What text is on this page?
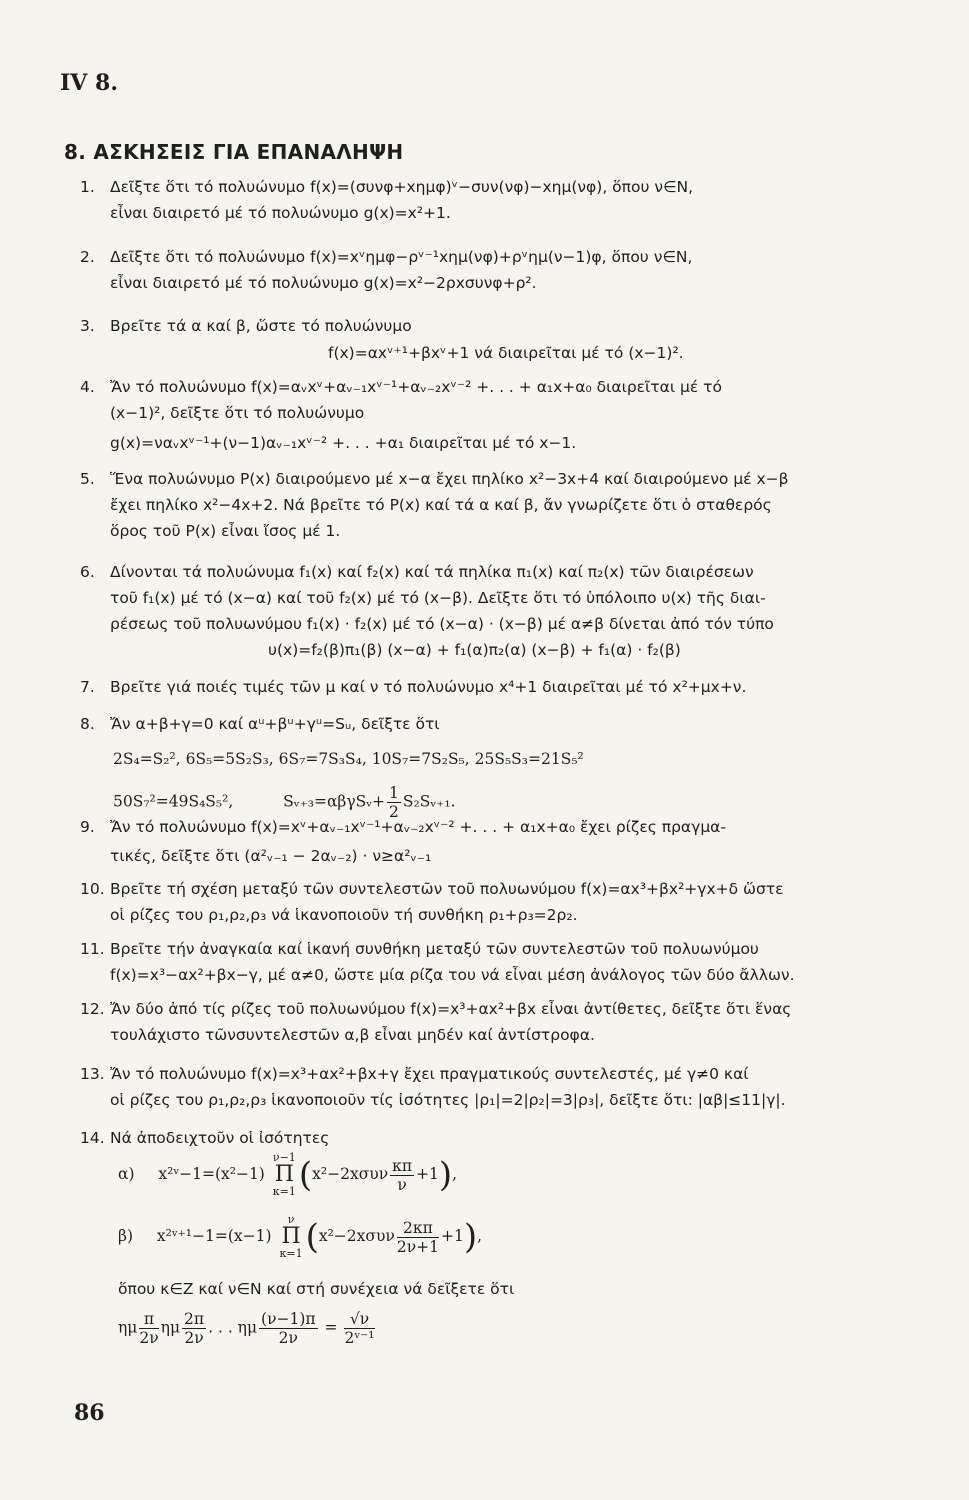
IV 8.
8. ΑΣΚΗΣΕΙΣ ΓΙΑ ΕΠΑΝΑΛΗΨΗ
1. Δεῖξτε ὅτι τό πολυώνυμο f(x)=(συνφ+xημφ)ᵛ−συν(νφ)−xημ(νφ), ὅπου ν∈N,
εἶναι διαιρετό μέ τό πολυώνυμο g(x)=x²+1.
2. Δεῖξτε ὅτι τό πολυώνυμο f(x)=xᵛημφ−ρᵛ⁻¹xημ(νφ)+ρᵛημ(ν−1)φ, ὅπου ν∈N,
εἶναι διαιρετό μέ τό πολυώνυμο g(x)=x²−2ρxσυνφ+ρ².
3. Βρεῖτε τά α καί β, ὥστε τό πολυώνυμο
f(x)=αxᵛ⁺¹+βxᵛ+1 νά διαιρεῖται μέ τό (x−1)².
4. Ἄν τό πολυώνυμο f(x)=αᵥxᵛ+αᵥ₋₁xᵛ⁻¹+αᵥ₋₂xᵛ⁻² +. . . + α₁x+α₀ διαιρεῖται μέ τό
(x−1)², δεῖξτε ὅτι τό πολυώνυμο
g(x)=ναᵥxᵛ⁻¹+(ν−1)αᵥ₋₁xᵛ⁻² +. . . +α₁ διαιρεῖται μέ τό x−1.
5. Ἕνα πολυώνυμο P(x) διαιρούμενο μέ x−α ἔχει πηλίκο x²−3x+4 καί διαιρούμενο μέ x−β
ἔχει πηλίκο x²−4x+2. Νά βρεῖτε τό P(x) καί τά α καί β, ἄν γνωρίζετε ὅτι ὁ σταθερός
ὅρος τοῦ P(x) εἶναι ἴσος μέ 1.
6. Δίνονται τά πολυώνυμα f₁(x) καί f₂(x) καί τά πηλίκα π₁(x) καί π₂(x) τῶν διαιρέσεων
τοῦ f₁(x) μέ τό (x−α) καί τοῦ f₂(x) μέ τό (x−β). Δεῖξτε ὅτι τό ὑπόλοιπο υ(x) τῆς διαι-
ρέσεως τοῦ πολυωνύμου f₁(x) · f₂(x) μέ τό (x−α) · (x−β) μέ α≠β δίνεται ἀπό τόν τύπο
υ(x)=f₂(β)π₁(β) (x−α) + f₁(α)π₂(α) (x−β) + f₁(α) · f₂(β)
7. Βρεῖτε γιά ποιές τιμές τῶν μ καί ν τό πολυώνυμο x⁴+1 διαιρεῖται μέ τό x²+μx+ν.
8. Ἄν α+β+γ=0 καί αᵘ+βᵘ+γᵘ=Sᵤ, δεῖξτε ὅτι
2S₄=S₂², 6S₅=5S₂S₃, 6S₇=7S₃S₄, 10S₇=7S₂S₅, 25S₅S₃=21S₅²
50S₇²=49S₄S₅²,	Sᵥ₊₃=αβγSᵥ+ $\frac{1}{2}$ S₂Sᵥ₊₁.
9. Ἄν τό πολυώνυμο f(x)=xᵛ+αᵥ₋₁xᵛ⁻¹+αᵥ₋₂xᵛ⁻² +. . . + α₁x+α₀ ἔχει ρίζες πραγμα-
τικές, δεῖξτε ὅτι (α²ᵥ₋₁ − 2αᵥ₋₂) · ν≥α²ᵥ₋₁
10. Βρεῖτε τή σχέση μεταξύ τῶν συντελεστῶν τοῦ πολυωνύμου f(x)=αx³+βx²+γx+δ ὥστε
οἱ ρίζες του ρ₁,ρ₂,ρ₃ νά ἱκανοποιοῦν τή συνθήκη ρ₁+ρ₃=2ρ₂.
11. Βρεῖτε τήν ἀναγκαία καί ἱκανή συνθήκη μεταξύ τῶν συντελεστῶν τοῦ πολυωνύμου
f(x)=x³−αx²+βx−γ, μέ α≠0, ὥστε μία ρίζα του νά εἶναι μέση ἀνάλογος τῶν δύο ἄλλων.
12. Ἄν δύο ἀπό τίς ρίζες τοῦ πολυωνύμου f(x)=x³+αx²+βx εἶναι ἀντίθετες, δεῖξτε ὅτι ἕνας
τουλάχιστο τῶνσυντελεστῶν α,β εἶναι μηδέν καί ἀντίστροφα.
13. Ἄν τό πολυώνυμο f(x)=x³+αx²+βx+γ ἔχει πραγματικούς συντελεστές, μέ γ≠0 καί
οἱ ρίζες του ρ₁,ρ₂,ρ₃ ἱκανοποιοῦν τίς ἰσότητες |ρ₁|=2|ρ₂|=3|ρ₃|, δεῖξτε ὅτι: |αβ|≤11|γ|.
14. Νά ἀποδειχτοῦν οἱ ἰσότητες
α) x²ᵛ−1=(x²−1)
ν−1
Π
κ=1 $(x^2-2x\sigma\upsilon\nu \frac{\kappa\pi}{\nu} +1)$,
β) x²ᵛ⁺¹−1=(x−1)
ν
Π
κ=1 $(x^2-2x\sigma\upsilon\nu \frac{2\kappa\pi}{2\nu+1} +1)$,
ὅπου κ∈Z καί ν∈N καί στή συνέχεια νά δεῖξετε ὅτι
ημ $\frac{\pi}{2\nu}$ ημ $\frac{2\pi}{2\nu}$ . . . ημ $\frac{(\nu-1)\pi}{2\nu} = \frac{√\nu}{\text{2ᵛ⁻¹}}$
86
